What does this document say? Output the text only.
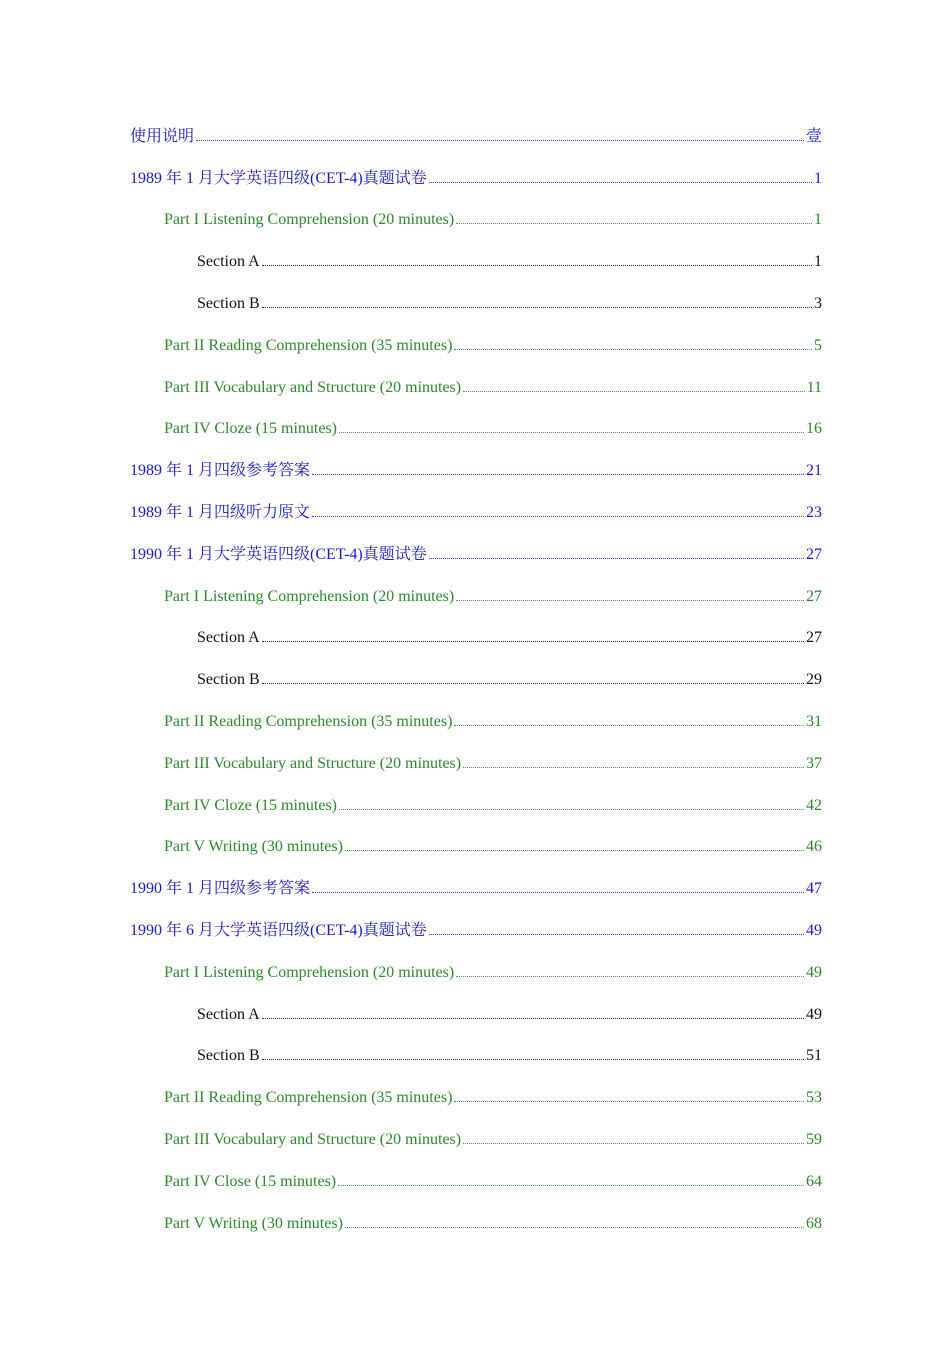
使用说明	壹
1989 年 1 月大学英语四级(CET-4)真题试卷	1
Part I Listening Comprehension (20 minutes)	1
Section A	1
Section B	3
Part II Reading Comprehension (35 minutes)	5
Part III Vocabulary and Structure (20 minutes)	11
Part IV Cloze (15 minutes)	16
1989 年 1 月四级参考答案	21
1989 年 1 月四级听力原文	23
1990 年 1 月大学英语四级(CET-4)真题试卷	27
Part I Listening Comprehension (20 minutes)	27
Section A	27
Section B	29
Part II Reading Comprehension (35 minutes)	31
Part III Vocabulary and Structure (20 minutes)	37
Part IV Cloze (15 minutes)	42
Part V Writing (30 minutes)	46
1990 年 1 月四级参考答案	47
1990 年 6 月大学英语四级(CET-4)真题试卷	49
Part I Listening Comprehension (20 minutes)	49
Section A	49
Section B	51
Part II Reading Comprehension (35 minutes)	53
Part III Vocabulary and Structure (20 minutes)	59
Part IV Close (15 minutes)	64
Part V Writing (30 minutes)	68
